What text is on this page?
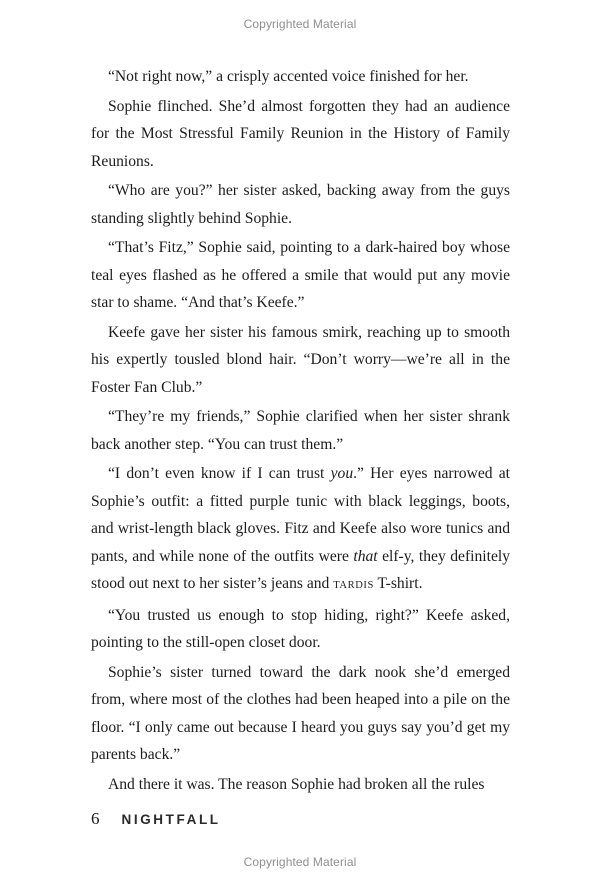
Copyrighted Material

“Not right now,” a crisply accented voice finished for her.

Sophie flinched. She’d almost forgotten they had an audience for the Most Stressful Family Reunion in the History of Family Reunions.

“Who are you?” her sister asked, backing away from the guys standing slightly behind Sophie.

“That’s Fitz,” Sophie said, pointing to a dark-haired boy whose teal eyes flashed as he offered a smile that would put any movie star to shame. “And that’s Keefe.”

Keefe gave her sister his famous smirk, reaching up to smooth his expertly tousled blond hair. “Don’t worry—we’re all in the Foster Fan Club.”

“They’re my friends,” Sophie clarified when her sister shrank back another step. “You can trust them.”

“I don’t even know if I can trust you.” Her eyes narrowed at Sophie’s outfit: a fitted purple tunic with black leggings, boots, and wrist-length black gloves. Fitz and Keefe also wore tunics and pants, and while none of the outfits were that elf-y, they definitely stood out next to her sister’s jeans and TARDIS T-shirt.

“You trusted us enough to stop hiding, right?” Keefe asked, pointing to the still-open closet door.

Sophie’s sister turned toward the dark nook she’d emerged from, where most of the clothes had been heaped into a pile on the floor. “I only came out because I heard you guys say you’d get my parents back.”

And there it was. The reason Sophie had broken all the rules

6 NIGHTFALL
Copyrighted Material
